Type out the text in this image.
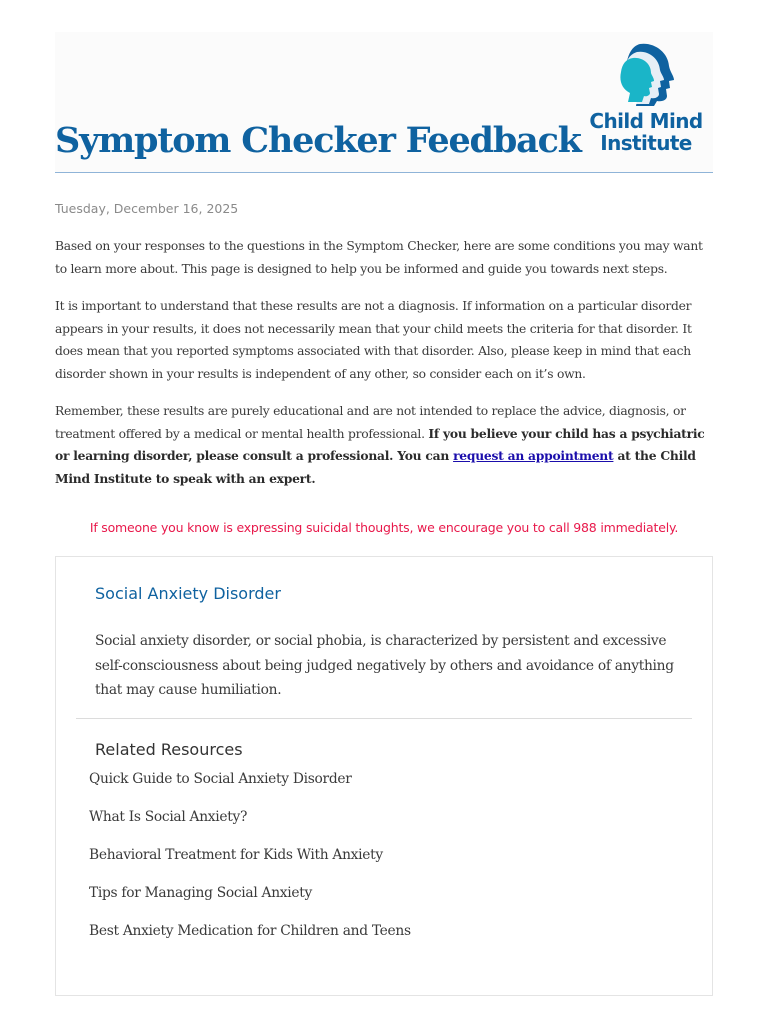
Symptom Checker Feedback Child Mind
Institute
Tuesday, December 16, 2025

Based on your responses to the questions in the Symptom Checker, here are some conditions you may want to learn more about. This page is designed to help you be informed and guide you towards next steps.

It is important to understand that these results are not a diagnosis. If information on a particular disorder appears in your results, it does not necessarily mean that your child meets the criteria for that disorder. It does mean that you reported symptoms associated with that disorder. Also, please keep in mind that each disorder shown in your results is independent of any other, so consider each on it’s own.

Remember, these results are purely educational and are not intended to replace the advice, diagnosis, or treatment offered by a medical or mental health professional. If you believe your child has a psychiatric or learning disorder, please consult a professional. You can request an appointment at the Child Mind Institute to speak with an expert.

If someone you know is expressing suicidal thoughts, we encourage you to call 988 immediately.
Social Anxiety Disorder

Social anxiety disorder, or social phobia, is characterized by persistent and excessive self-consciousness about being judged negatively by others and avoidance of anything that may cause humiliation.

Related Resources
Quick Guide to Social Anxiety Disorder
What Is Social Anxiety?
Behavioral Treatment for Kids With Anxiety
Tips for Managing Social Anxiety
Best Anxiety Medication for Children and Teens
